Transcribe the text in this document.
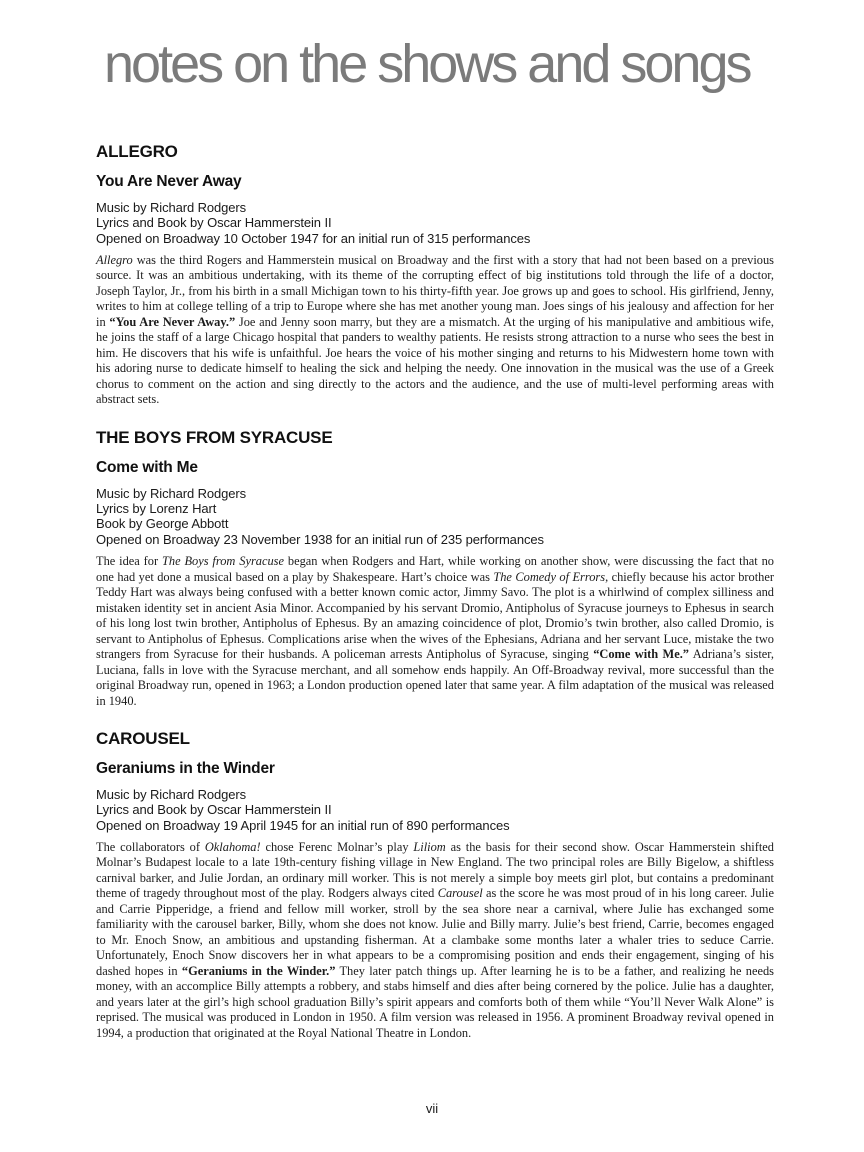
notes on the shows and songs
ALLEGRO
You Are Never Away
Music by Richard Rodgers
Lyrics and Book by Oscar Hammerstein II
Opened on Broadway 10 October 1947 for an initial run of 315 performances

Allegro was the third Rogers and Hammerstein musical on Broadway and the first with a story that had not been based on a previous source. It was an ambitious undertaking, with its theme of the corrupting effect of big institutions told through the life of a doctor, Joseph Taylor, Jr., from his birth in a small Michigan town to his thirty-fifth year. Joe grows up and goes to school. His girlfriend, Jenny, writes to him at college telling of a trip to Europe where she has met another young man. Joes sings of his jealousy and affection for her in “You Are Never Away.” Joe and Jenny soon marry, but they are a mismatch. At the urging of his manipulative and ambitious wife, he joins the staff of a large Chicago hospital that panders to wealthy patients. He resists strong attraction to a nurse who sees the best in him. He discovers that his wife is unfaithful. Joe hears the voice of his mother singing and returns to his Midwestern home town with his adoring nurse to dedicate himself to healing the sick and helping the needy. One innovation in the musical was the use of a Greek chorus to comment on the action and sing directly to the actors and the audience, and the use of multi-level performing areas with abstract sets.

THE BOYS FROM SYRACUSE
Come with Me
Music by Richard Rodgers
Lyrics by Lorenz Hart
Book by George Abbott
Opened on Broadway 23 November 1938 for an initial run of 235 performances

The idea for The Boys from Syracuse began when Rodgers and Hart, while working on another show, were discussing the fact that no one had yet done a musical based on a play by Shakespeare. Hart’s choice was The Comedy of Errors, chiefly because his actor brother Teddy Hart was always being confused with a better known comic actor, Jimmy Savo. The plot is a whirlwind of complex silliness and mistaken identity set in ancient Asia Minor. Accompanied by his servant Dromio, Antipholus of Syracuse journeys to Ephesus in search of his long lost twin brother, Antipholus of Ephesus. By an amazing coincidence of plot, Dromio’s twin brother, also called Dromio, is servant to Antipholus of Ephesus. Complications arise when the wives of the Ephesians, Adriana and her servant Luce, mistake the two strangers from Syracuse for their husbands. A policeman arrests Antipholus of Syracuse, singing “Come with Me.” Adriana’s sister, Luciana, falls in love with the Syracuse merchant, and all somehow ends happily. An Off-Broadway revival, more successful than the original Broadway run, opened in 1963; a London production opened later that same year. A film adaptation of the musical was released in 1940.

CAROUSEL
Geraniums in the Winder
Music by Richard Rodgers
Lyrics and Book by Oscar Hammerstein II
Opened on Broadway 19 April 1945 for an initial run of 890 performances

The collaborators of Oklahoma! chose Ferenc Molnar’s play Liliom as the basis for their second show. Oscar Hammerstein shifted Molnar’s Budapest locale to a late 19th-century fishing village in New England. The two principal roles are Billy Bigelow, a shiftless carnival barker, and Julie Jordan, an ordinary mill worker. This is not merely a simple boy meets girl plot, but contains a predominant theme of tragedy throughout most of the play. Rodgers always cited Carousel as the score he was most proud of in his long career. Julie and Carrie Pipperidge, a friend and fellow mill worker, stroll by the sea shore near a carnival, where Julie has exchanged some familiarity with the carousel barker, Billy, whom she does not know. Julie and Billy marry. Julie’s best friend, Carrie, becomes engaged to Mr. Enoch Snow, an ambitious and upstanding fisherman. At a clambake some months later a whaler tries to seduce Carrie. Unfortunately, Enoch Snow discovers her in what appears to be a compromising position and ends their engagement, singing of his dashed hopes in “Geraniums in the Winder.” They later patch things up. After learning he is to be a father, and realizing he needs money, with an accomplice Billy attempts a robbery, and stabs himself and dies after being cornered by the police. Julie has a daughter, and years later at the girl’s high school graduation Billy’s spirit appears and comforts both of them while “You’ll Never Walk Alone” is reprised. The musical was produced in London in 1950. A film version was released in 1956. A prominent Broadway revival opened in 1994, a production that originated at the Royal National Theatre in London.

vii
